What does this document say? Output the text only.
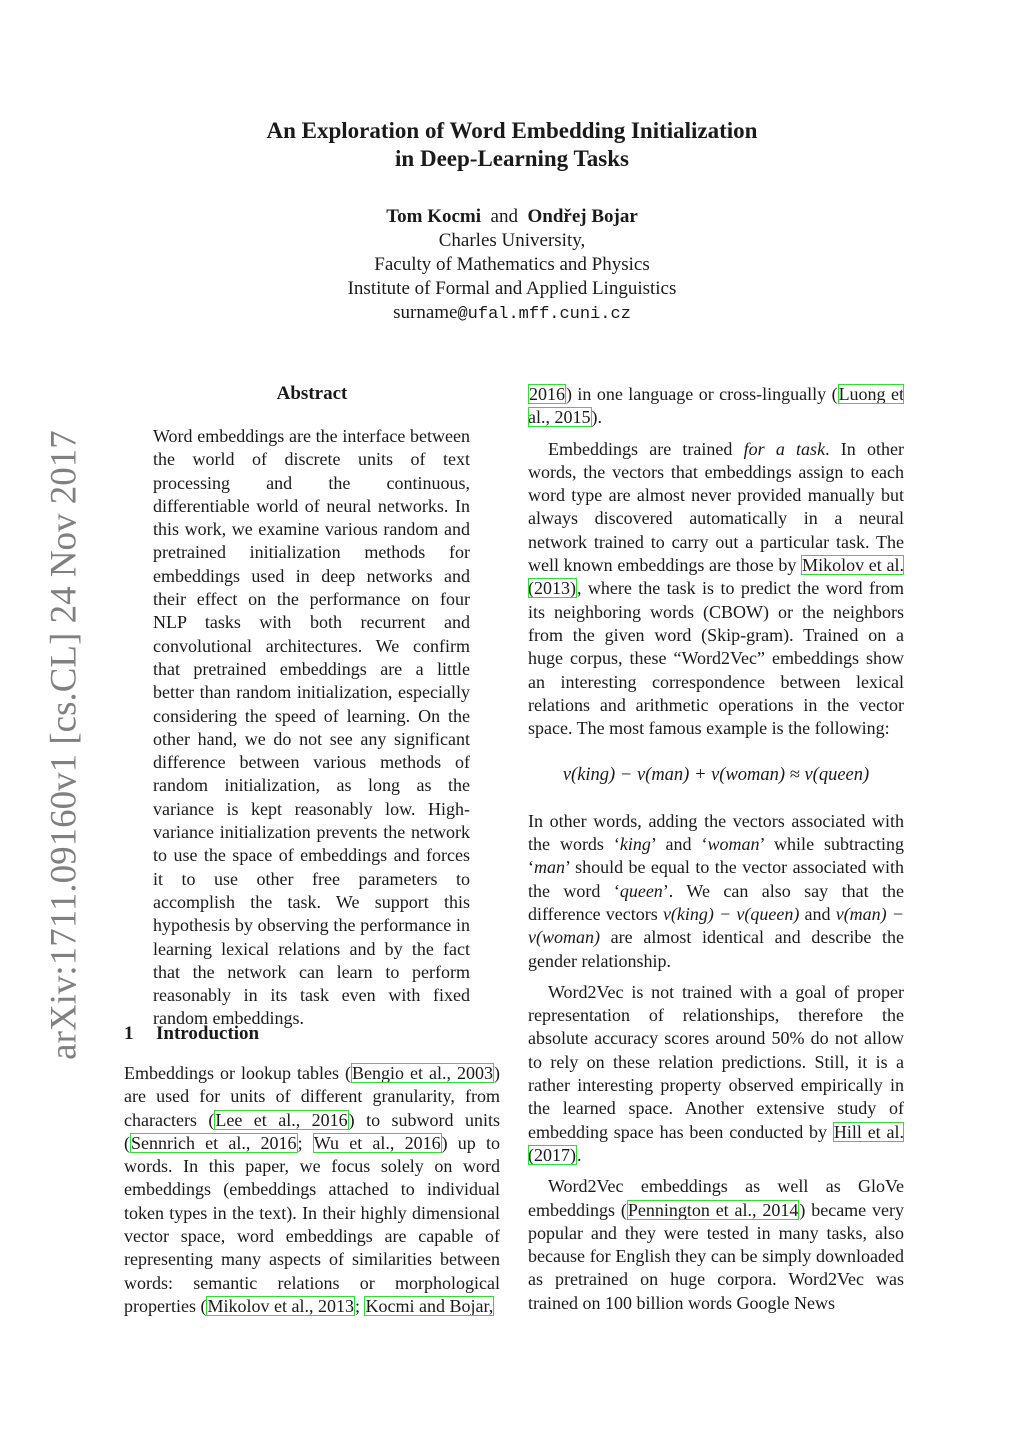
arXiv:1711.09160v1 [cs.CL] 24 Nov 2017
An Exploration of Word Embedding Initialization
in Deep-Learning Tasks
Tom Kocmi and Ondřej Bojar
Charles University,
Faculty of Mathematics and Physics
Institute of Formal and Applied Linguistics
surname@ufal.mff.cuni.cz
Abstract
Word embeddings are the interface between the world of discrete units of text processing and the continuous, differentiable world of neural networks. In this work, we examine various random and pretrained initialization methods for embeddings used in deep networks and their effect on the performance on four NLP tasks with both recurrent and convolutional architectures. We confirm that pretrained embeddings are a little better than random initialization, especially considering the speed of learning. On the other hand, we do not see any significant difference between various methods of random initialization, as long as the variance is kept reasonably low. High-variance initialization prevents the network to use the space of embeddings and forces it to use other free parameters to accomplish the task. We support this hypothesis by observing the performance in learning lexical relations and by the fact that the network can learn to perform reasonably in its task even with fixed random embeddings.
1 Introduction

Embeddings or lookup tables (Bengio et al., 2003) are used for units of different granularity, from characters (Lee et al., 2016) to subword units (Sennrich et al., 2016; Wu et al., 2016) up to words. In this paper, we focus solely on word embeddings (embeddings attached to individual token types in the text). In their highly dimensional vector space, word embeddings are capable of representing many aspects of similarities between words: semantic relations or morphological properties (Mikolov et al., 2013; Kocmi and Bojar,

2016) in one language or cross-lingually (Luong et al., 2015).

Embeddings are trained for a task. In other words, the vectors that embeddings assign to each word type are almost never provided manually but always discovered automatically in a neural network trained to carry out a particular task. The well known embeddings are those by Mikolov et al. (2013), where the task is to predict the word from its neighboring words (CBOW) or the neighbors from the given word (Skip-gram). Trained on a huge corpus, these “Word2Vec” embeddings show an interesting correspondence between lexical relations and arithmetic operations in the vector space. The most famous example is the following:

v(king) − v(man) + v(woman) ≈ v(queen)

In other words, adding the vectors associated with the words ‘king’ and ‘woman’ while subtracting ‘man’ should be equal to the vector associated with the word ‘queen’. We can also say that the difference vectors v(king) − v(queen) and v(man) − v(woman) are almost identical and describe the gender relationship.

Word2Vec is not trained with a goal of proper representation of relationships, therefore the absolute accuracy scores around 50% do not allow to rely on these relation predictions. Still, it is a rather interesting property observed empirically in the learned space. Another extensive study of embedding space has been conducted by Hill et al. (2017).

Word2Vec embeddings as well as GloVe embeddings (Pennington et al., 2014) became very popular and they were tested in many tasks, also because for English they can be simply downloaded as pretrained on huge corpora. Word2Vec was trained on 100 billion words Google News
